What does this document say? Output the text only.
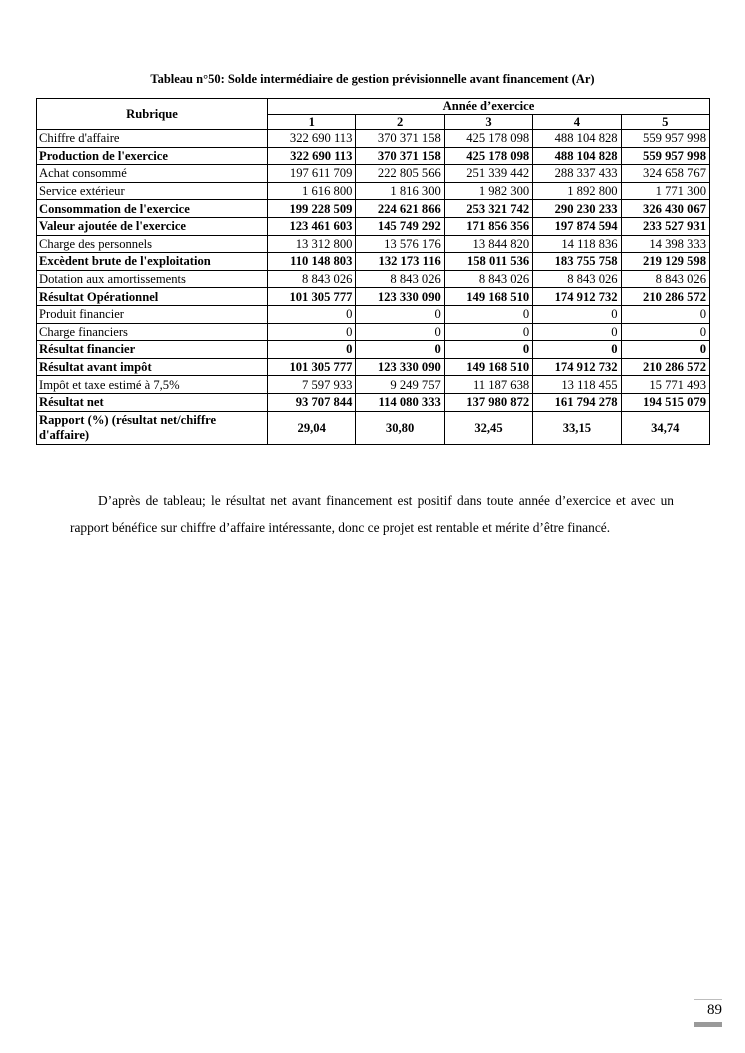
Tableau n°50: Solde intermédiaire de gestion prévisionnelle avant financement (Ar)
Rubrique	Année d’exercice				
	1	2	3	4	5
Chiffre d'affaire	322 690 113	370 371 158	425 178 098	488 104 828	559 957 998
Production de l'exercice	322 690 113	370 371 158	425 178 098	488 104 828	559 957 998
Achat consommé	197 611 709	222 805 566	251 339 442	288 337 433	324 658 767
Service extérieur	1 616 800	1 816 300	1 982 300	1 892 800	1 771 300
Consommation de l'exercice	199 228 509	224 621 866	253 321 742	290 230 233	326 430 067
Valeur ajoutée de l'exercice	123 461 603	145 749 292	171 856 356	197 874 594	233 527 931
Charge des personnels	13 312 800	13 576 176	13 844 820	14 118 836	14 398 333
Excèdent brute de l'exploitation	110 148 803	132 173 116	158 011 536	183 755 758	219 129 598
Dotation aux amortissements	8 843 026	8 843 026	8 843 026	8 843 026	8 843 026
Résultat Opérationnel	101 305 777	123 330 090	149 168 510	174 912 732	210 286 572
Produit financier	0	0	0	0	0
Charge financiers	0	0	0	0	0
Résultat financier	0	0	0	0	0
Résultat avant impôt	101 305 777	123 330 090	149 168 510	174 912 732	210 286 572
Impôt et taxe estimé à 7,5%	7 597 933	9 249 757	11 187 638	13 118 455	15 771 493
Résultat net	93 707 844	114 080 333	137 980 872	161 794 278	194 515 079
Rapport (%) (résultat net/chiffre d'affaire)	29,04	30,80	32,45	33,15	34,74
D’après de tableau; le résultat net avant financement est positif dans toute année d’exercice et avec un rapport bénéfice sur chiffre d’affaire intéressante, donc ce projet est rentable et mérite d’être financé.
89
